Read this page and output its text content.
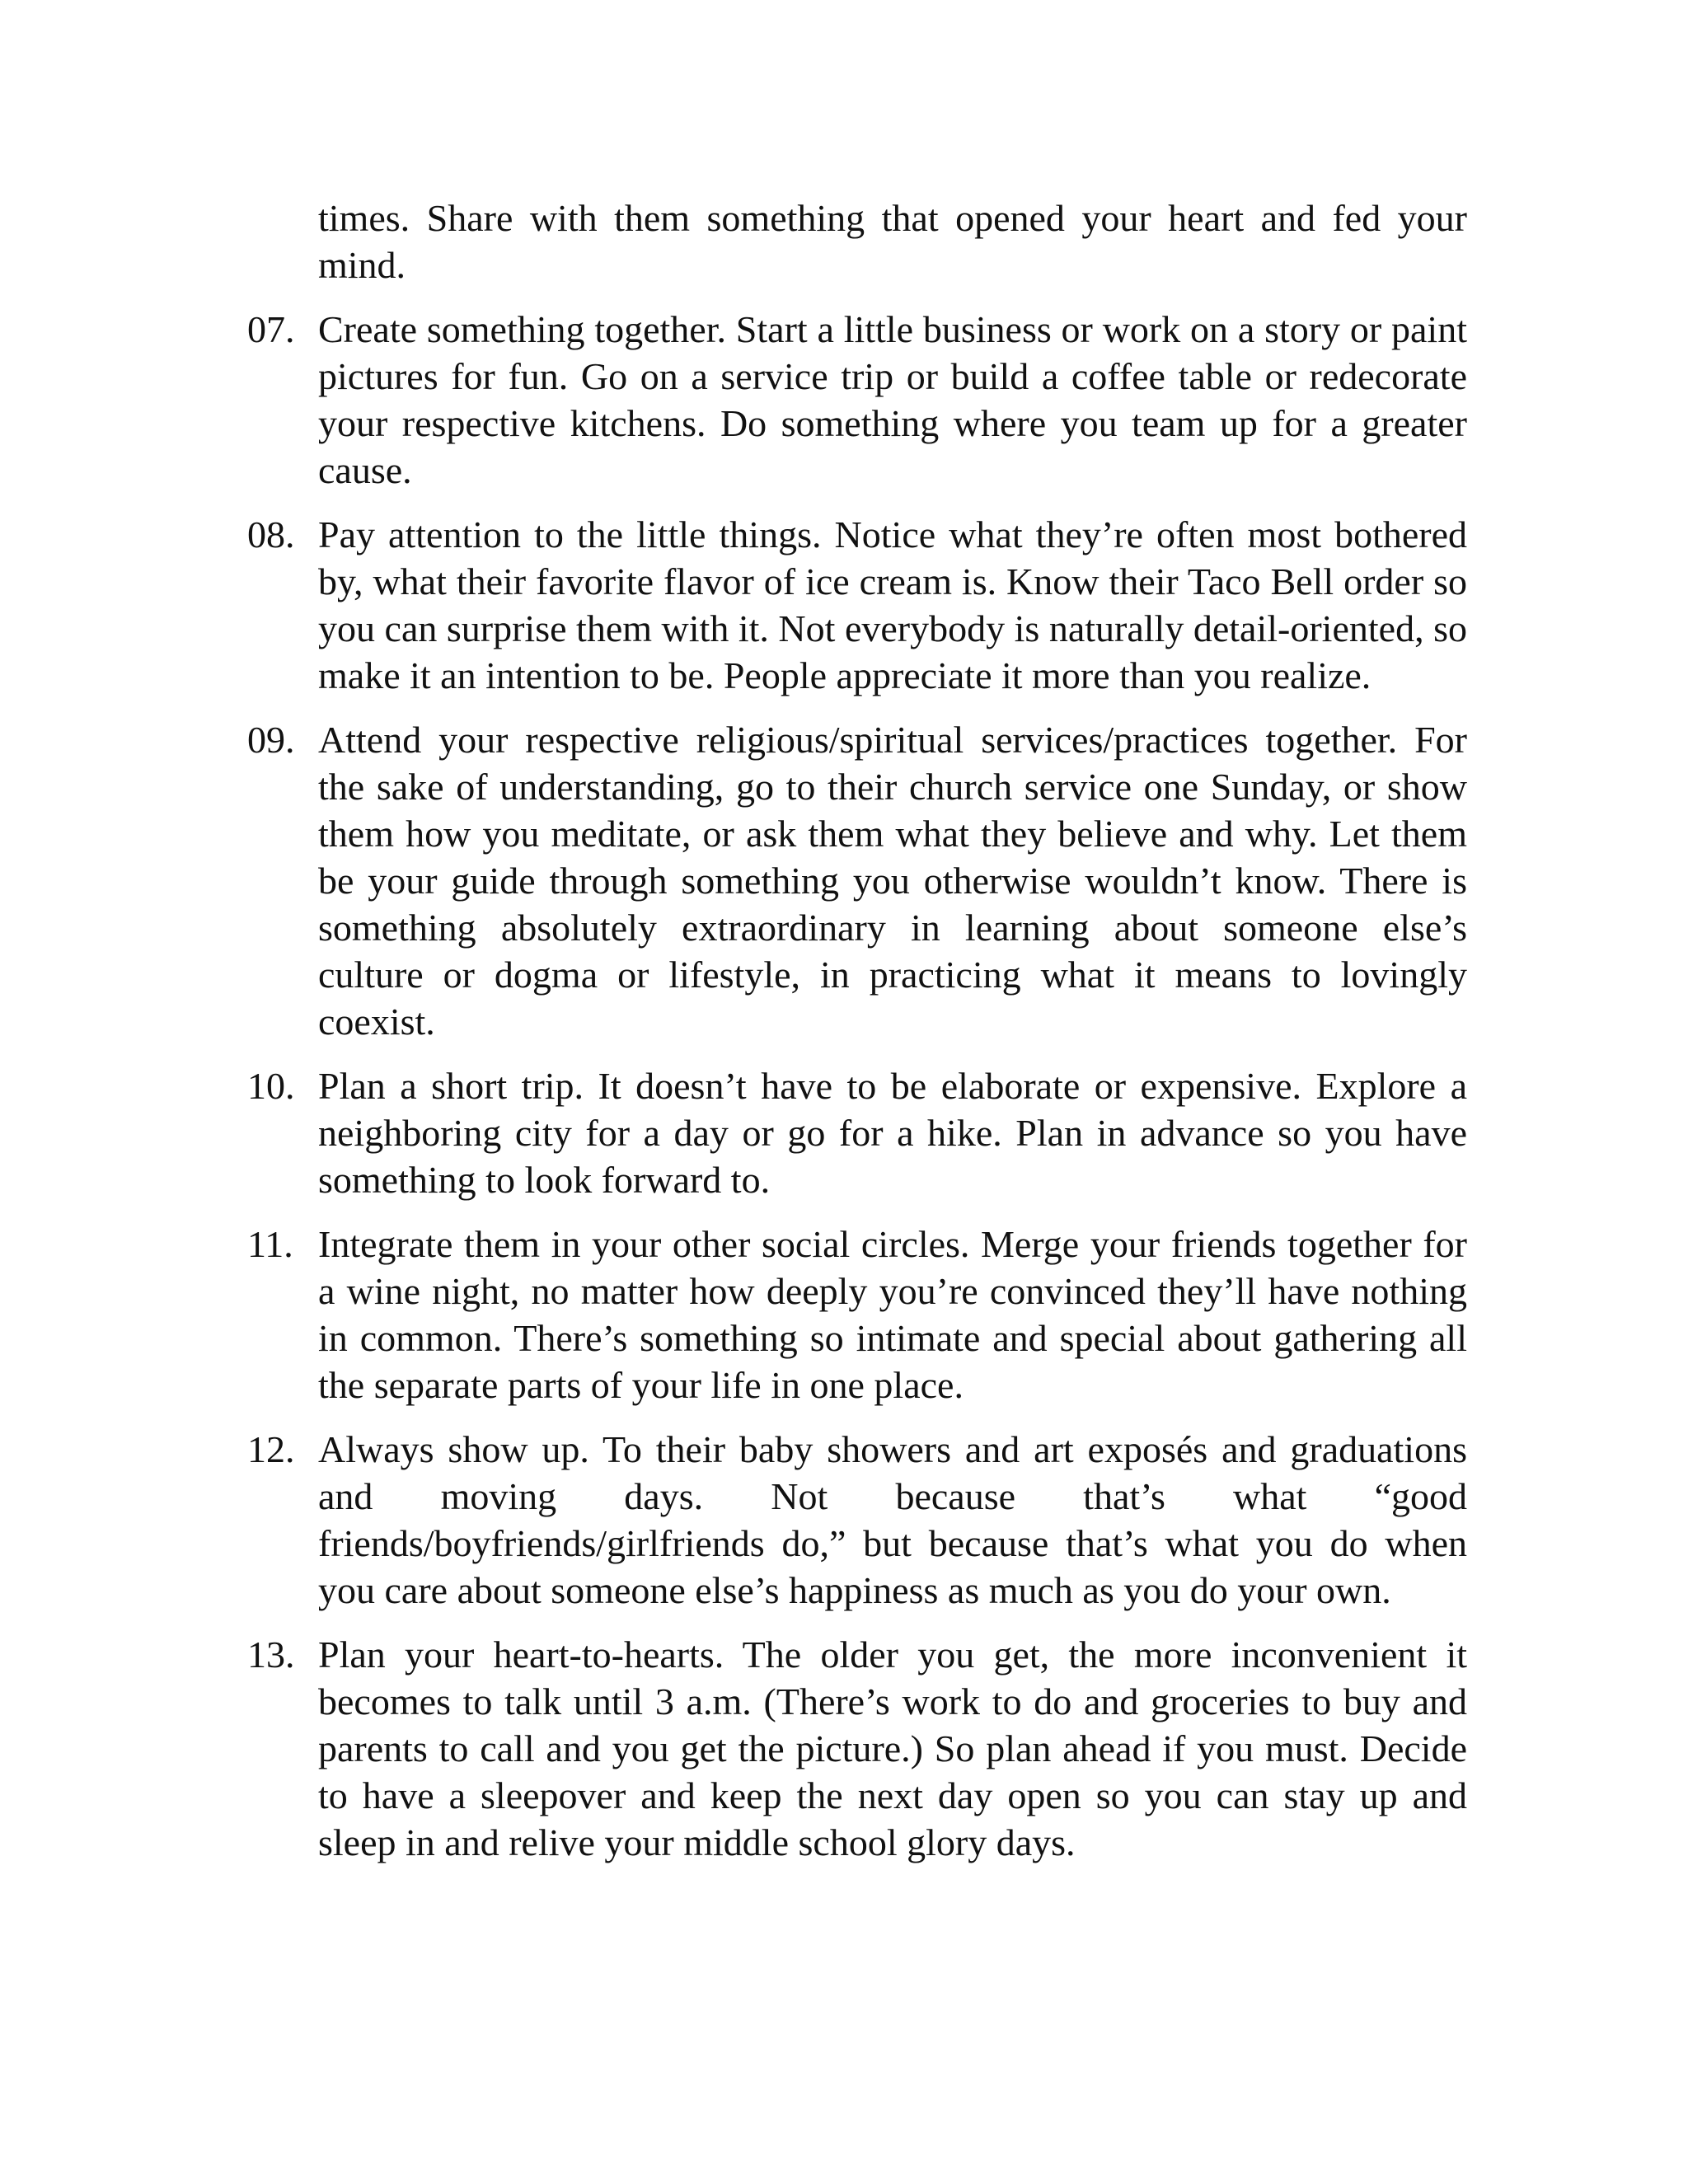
times. Share with them something that opened your heart and fed your mind.
07. Create something together. Start a little business or work on a story or paint pictures for fun. Go on a service trip or build a coffee table or redecorate your respective kitchens. Do something where you team up for a greater cause.
08. Pay attention to the little things. Notice what they’re often most bothered by, what their favorite flavor of ice cream is. Know their Taco Bell order so you can surprise them with it. Not everybody is naturally detail-oriented, so make it an intention to be. People appreciate it more than you realize.
09. Attend your respective religious/spiritual services/practices together. For the sake of understanding, go to their church service one Sunday, or show them how you meditate, or ask them what they believe and why. Let them be your guide through something you otherwise wouldn’t know. There is something absolutely extraordinary in learning about someone else’s culture or dogma or lifestyle, in practicing what it means to lovingly coexist.
10. Plan a short trip. It doesn’t have to be elaborate or expensive. Explore a neighboring city for a day or go for a hike. Plan in advance so you have something to look forward to.
11. Integrate them in your other social circles. Merge your friends together for a wine night, no matter how deeply you’re convinced they’ll have nothing in common. There’s something so intimate and special about gathering all the separate parts of your life in one place.
12. Always show up. To their baby showers and art exposés and graduations and moving days. Not because that’s what “good friends/boyfriends/girlfriends do,” but because that’s what you do when you care about someone else’s happiness as much as you do your own.
13. Plan your heart-to-hearts. The older you get, the more inconvenient it becomes to talk until 3 a.m. (There’s work to do and groceries to buy and parents to call and you get the picture.) So plan ahead if you must. Decide to have a sleepover and keep the next day open so you can stay up and sleep in and relive your middle school glory days.
